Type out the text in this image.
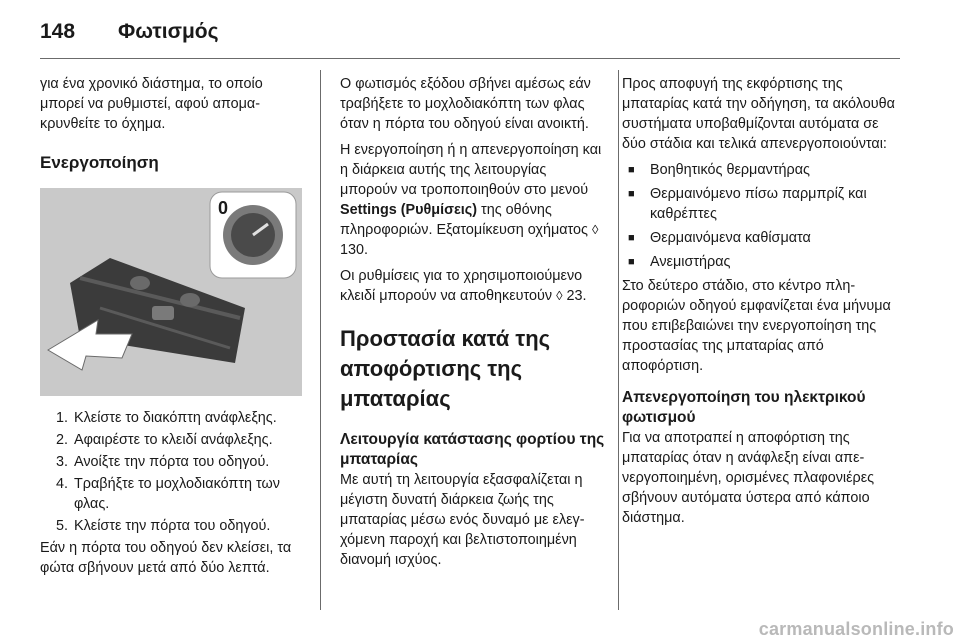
148	Φωτισμός

για ένα χρονικό διάστημα, το οποίο μπορεί να ρυθμιστεί, αφού απομακρυνθείτε το όχημα.

Ενεργοποίηση
0
1. Κλείστε το διακόπτη ανάφλεξης.
2. Αφαιρέστε το κλειδί ανάφλεξης.
3. Ανοίξτε την πόρτα του οδηγού.
4. Τραβήξτε το μοχλοδιακόπτη των φλας.
5. Κλείστε την πόρτα του οδηγού.

Εάν η πόρτα του οδηγού δεν κλείσει, τα φώτα σβήνουν μετά από δύο λεπτά.

Ο φωτισμός εξόδου σβήνει αμέσως εάν τραβήξετε το μοχλοδιακόπτη των φλας όταν η πόρτα του οδηγού είναι ανοικτή.

Η ενεργοποίηση ή η απενεργοποίηση και η διάρκεια αυτής της λειτουργίας μπορούν να τροποποιηθούν στο μενού Settings (Ρυθμίσεις) της οθόνης πληροφοριών. Εξατομίκευση οχήματος ◊ 130.

Οι ρυθμίσεις για το χρησιμοποιούμενο κλειδί μπορούν να αποθηκευτούν ◊ 23.

Προστασία κατά της αποφόρτισης της μπαταρίας
Λειτουργία κατάστασης φορτίου της μπαταρίας

Με αυτή τη λειτουργία εξασφαλίζεται η μέγιστη δυνατή διάρκεια ζωής της μπαταρίας μέσω ενός δυναμό με ελεγχόμενη παροχή και βελτιστοποιημένη διανομή ισχύος.

Προς αποφυγή της εκφόρτισης της μπαταρίας κατά την οδήγηση, τα ακόλουθα συστήματα υποβαθμίζονται αυτόματα σε δύο στάδια και τελικά απενεργοποιούνται:

■	Βοηθητικός θερμαντήρας
■	Θερμαινόμενο πίσω παρμπρίζ και καθρέπτες
■	Θερμαινόμενα καθίσματα
■	Ανεμιστήρας

Στο δεύτερο στάδιο, στο κέντρο πληροφοριών οδηγού εμφανίζεται ένα μήνυμα που επιβεβαιώνει την ενεργοποίηση της προστασίας της μπαταρίας από αποφόρτιση.

Απενεργοποίηση του ηλεκτρικού φωτισμού

Για να αποτραπεί η αποφόρτιση της μπαταρίας όταν η ανάφλεξη είναι απενεργοποιημένη, ορισμένες πλαφονιέρες σβήνουν αυτόματα ύστερα από κάποιο διάστημα.

carmanualsonline.info
